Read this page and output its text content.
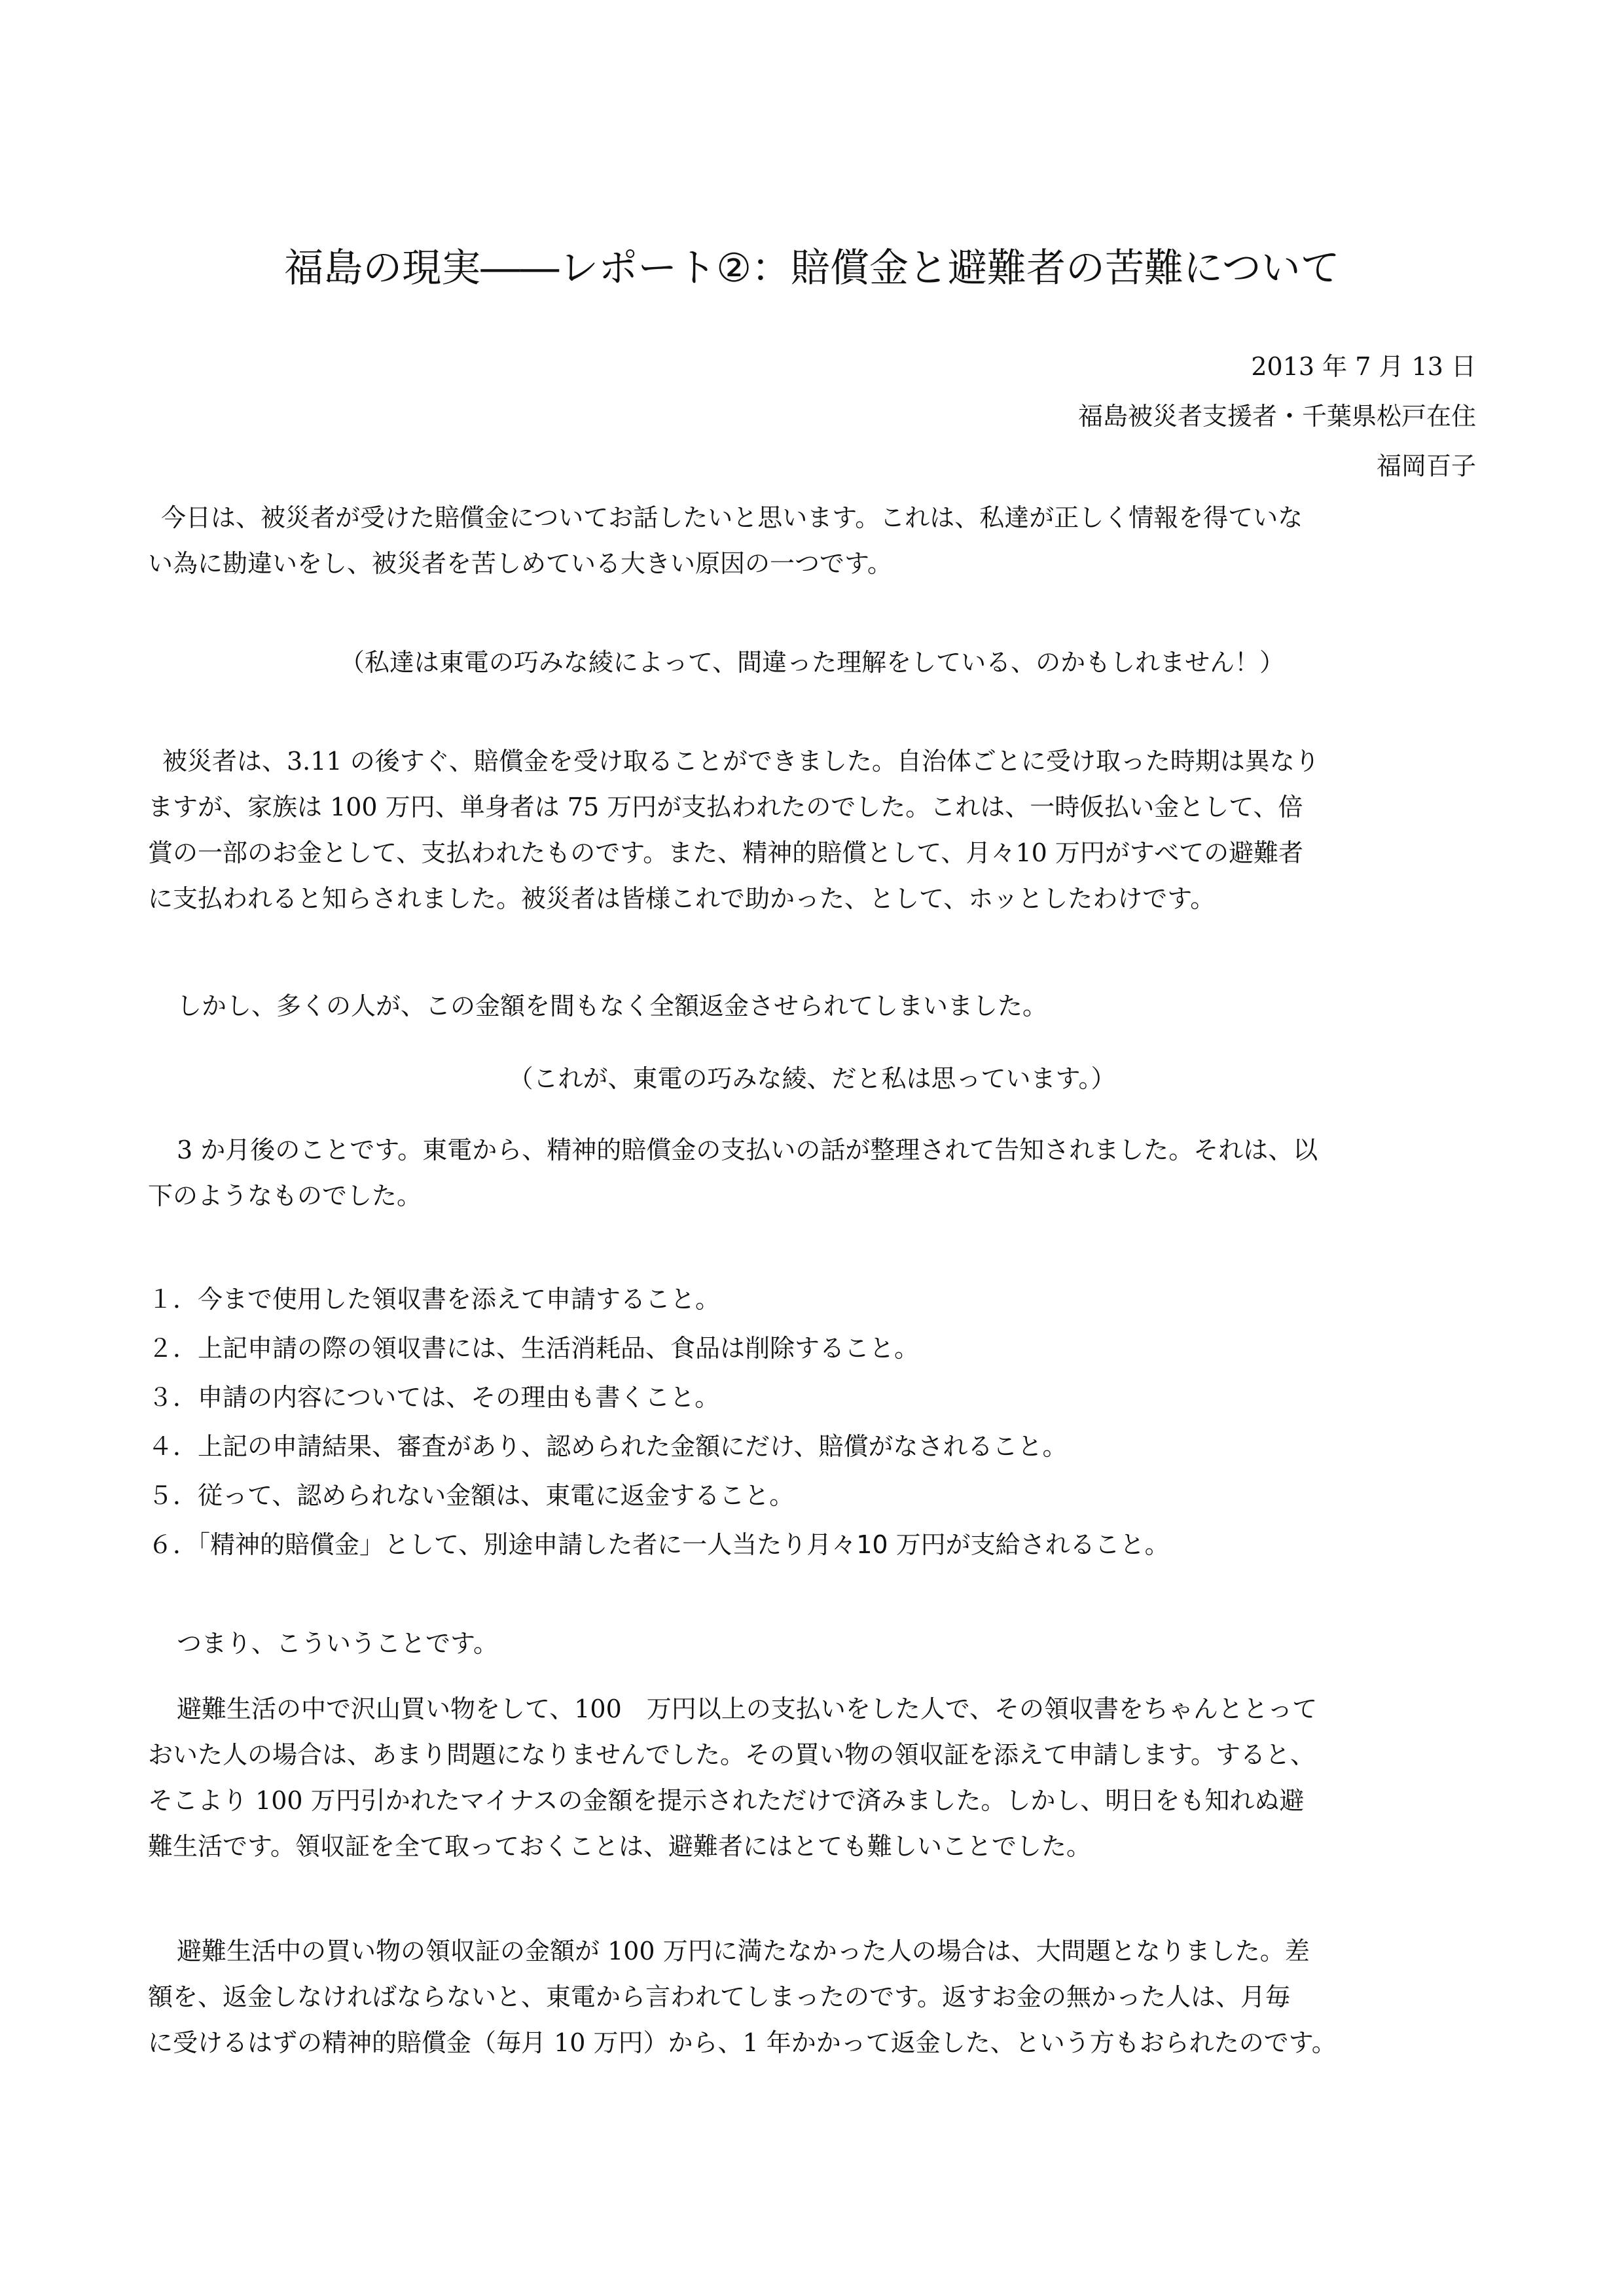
福島の現実――レポート②：賠償金と避難者の苦難について
2013 年 7 月 13 日
福島被災者支援者・千葉県松戸在住
福岡百子
今日は、被災者が受けた賠償金についてお話したいと思います。これは、私達が正しく情報を得ていな
い為に勘違いをし、被災者を苦しめている大きい原因の一つです。
（私達は東電の巧みな綾によって、間違った理解をしている、のかもしれません！）
被災者は、3.11 の後すぐ、賠償金を受け取ることができました。自治体ごとに受け取った時期は異なり
ますが、家族は 100 万円、単身者は 75 万円が支払われたのでした。これは、一時仮払い金として、倍
賞の一部のお金として、支払われたものです。また、精神的賠償として、月々10 万円がすべての避難者
に支払われると知らされました。被災者は皆様これで助かった、として、ホッとしたわけです。
しかし、多くの人が、この金額を間もなく全額返金させられてしまいました。
（これが、東電の巧みな綾、だと私は思っています。）
3 か月後のことです。東電から、精神的賠償金の支払いの話が整理されて告知されました。それは、以
下のようなものでした。
１．今まで使用した領収書を添えて申請すること。
２．上記申請の際の領収書には、生活消耗品、食品は削除すること。
３．申請の内容については、その理由も書くこと。
４．上記の申請結果、審査があり、認められた金額にだけ、賠償がなされること。
５．従って、認められない金額は、東電に返金すること。
６．「精神的賠償金」として、別途申請した者に一人当たり月々10 万円が支給されること。
つまり、こういうことです。
避難生活の中で沢山買い物をして、100　万円以上の支払いをした人で、その領収書をちゃんととって
おいた人の場合は、あまり問題になりませんでした。その買い物の領収証を添えて申請します。すると、
そこより 100 万円引かれたマイナスの金額を提示されただけで済みました。しかし、明日をも知れぬ避
難生活です。領収証を全て取っておくことは、避難者にはとても難しいことでした。
避難生活中の買い物の領収証の金額が 100 万円に満たなかった人の場合は、大問題となりました。差
額を、返金しなければならないと、東電から言われてしまったのです。返すお金の無かった人は、月毎
に受けるはずの精神的賠償金（毎月 10 万円）から、1 年かかって返金した、という方もおられたのです。
